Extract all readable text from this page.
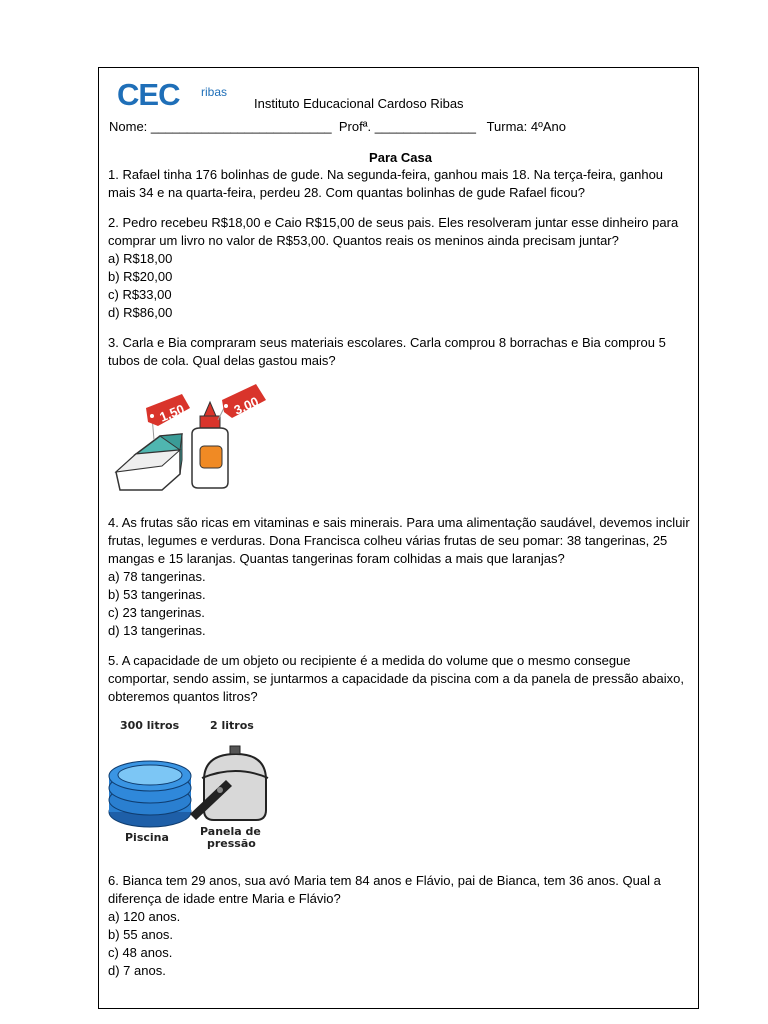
CEC ribas
Instituto Educacional Cardoso Ribas
Nome: _________________________  Profª. ______________   Turma: 4ºAno

Para Casa

1. Rafael tinha 176 bolinhas de gude. Na segunda-feira, ganhou mais 18. Na terça-feira, ganhou mais 34 e na quarta-feira, perdeu 28. Com quantas bolinhas de gude Rafael ficou?

2. Pedro recebeu R$18,00 e Caio R$15,00 de seus pais. Eles resolveram juntar esse dinheiro para comprar um livro no valor de R$53,00. Quantos reais os meninos ainda precisam juntar?

a) R$18,00

b) R$20,00

c) R$33,00

d) R$86,00

3. Carla e Bia compraram seus materiais escolares. Carla comprou 8 borrachas e Bia comprou 5 tubos de cola. Qual delas gastou mais?

1,50	3,00

4. As frutas são ricas em vitaminas e sais minerais. Para uma alimentação saudável, devemos incluir frutas, legumes e verduras. Dona Francisca colheu várias frutas de seu pomar: 38 tangerinas, 25 mangas e 15 laranjas. Quantas tangerinas foram colhidas a mais que laranjas?

a) 78 tangerinas.

b) 53 tangerinas.

c) 23 tangerinas.

d) 13 tangerinas.

5. A capacidade de um objeto ou recipiente é a medida do volume que o mesmo consegue comportar, sendo assim, se juntarmos a capacidade da piscina com a da panela de pressão abaixo, obteremos quantos litros?

300 litros	2 litros
Piscina	Panela de
pressão

6. Bianca tem 29 anos, sua avó Maria tem 84 anos e Flávio, pai de Bianca, tem 36 anos. Qual a diferença de idade entre Maria e Flávio?

a) 120 anos.

b) 55 anos.

c) 48 anos.

d) 7 anos.
